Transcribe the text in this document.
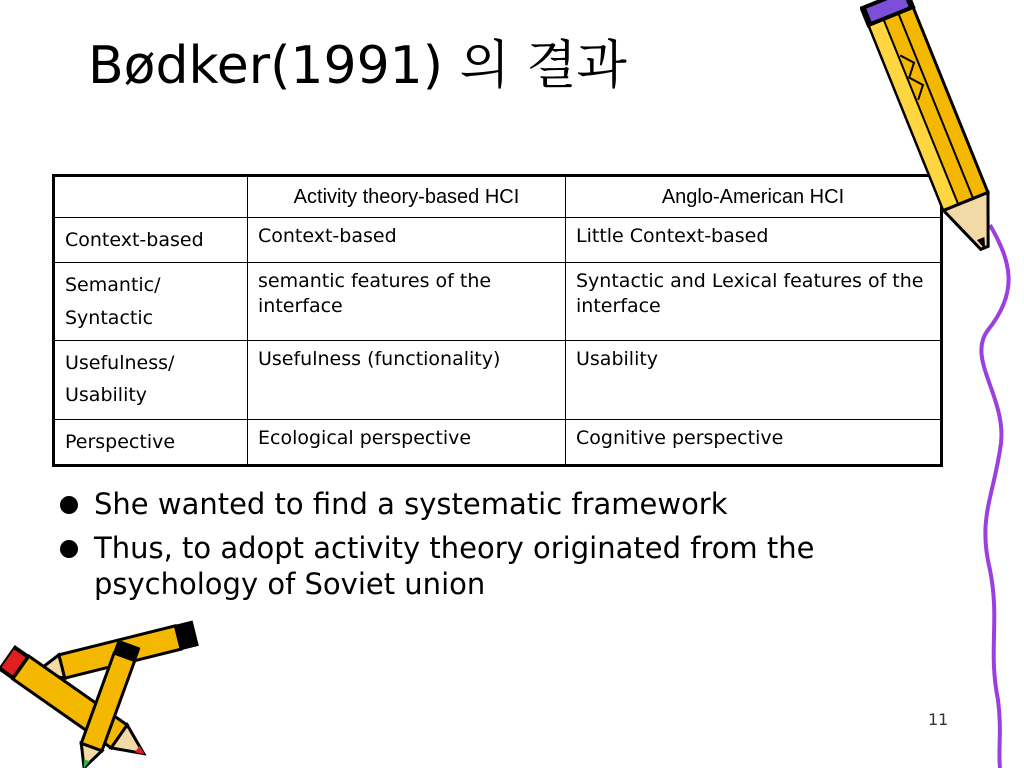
Bødker(1991) 의 결과
	Activity theory-based HCI	Anglo-American HCI
Context-based	Context-based	Little Context-based
Semantic/ Syntactic	semantic features of the interface	Syntactic and Lexical features of the interface
Usefulness/ Usability	Usefulness (functionality)	Usability
Perspective	Ecological perspective	Cognitive perspective
She wanted to find a systematic framework
Thus, to adopt activity theory originated from the psychology of Soviet union
11
